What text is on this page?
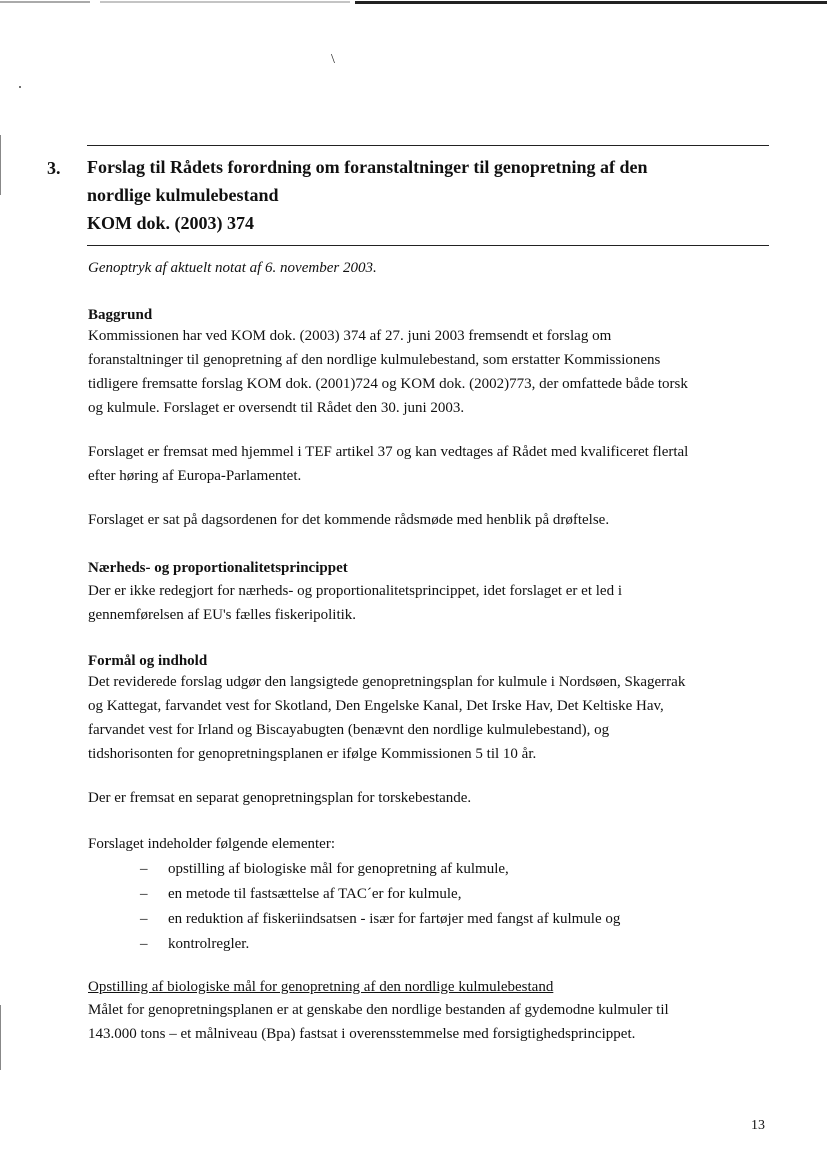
\
3. Forslag til Rådets forordning om foranstaltninger til genopretning af den
nordlige kulmulebestand
KOM dok. (2003) 374
Genoptryk af aktuelt notat af 6. november 2003.
Baggrund
Kommissionen har ved KOM dok. (2003) 374 af 27. juni 2003 fremsendt et forslag om
foranstaltninger til genopretning af den nordlige kulmulebestand, som erstatter Kommissionens
tidligere fremsatte forslag KOM dok. (2001)724 og KOM dok. (2002)773, der omfattede både torsk
og kulmule. Forslaget er oversendt til Rådet den 30. juni 2003.
Forslaget er fremsat med hjemmel i TEF artikel 37 og kan vedtages af Rådet med kvalificeret flertal
efter høring af Europa-Parlamentet.
Forslaget er sat på dagsordenen for det kommende rådsmøde med henblik på drøftelse.
Nærheds- og proportionalitetsprincippet
Der er ikke redegjort for nærheds- og proportionalitetsprincippet, idet forslaget er et led i
gennemførelsen af EU's fælles fiskeripolitik.
Formål og indhold
Det reviderede forslag udgør den langsigtede genopretningsplan for kulmule i Nordsøen, Skagerrak
og Kattegat, farvandet vest for Skotland, Den Engelske Kanal, Det Irske Hav, Det Keltiske Hav,
farvandet vest for Irland og Biscayabugten (benævnt den nordlige kulmulebestand), og
tidshorisonten for genopretningsplanen er ifølge Kommissionen 5 til 10 år.
Der er fremsat en separat genopretningsplan for torskebestande.
Forslaget indeholder følgende elementer:
– opstilling af biologiske mål for genopretning af kulmule,
– en metode til fastsættelse af TAC´er for kulmule,
– en reduktion af fiskeriindsatsen - især for fartøjer med fangst af kulmule og
– kontrolregler.
Opstilling af biologiske mål for genopretning af den nordlige kulmulebestand
Målet for genopretningsplanen er at genskabe den nordlige bestanden af gydemodne kulmuler til
143.000 tons – et målniveau (Bpa) fastsat i overensstemmelse med forsigtighedsprincippet.
13
